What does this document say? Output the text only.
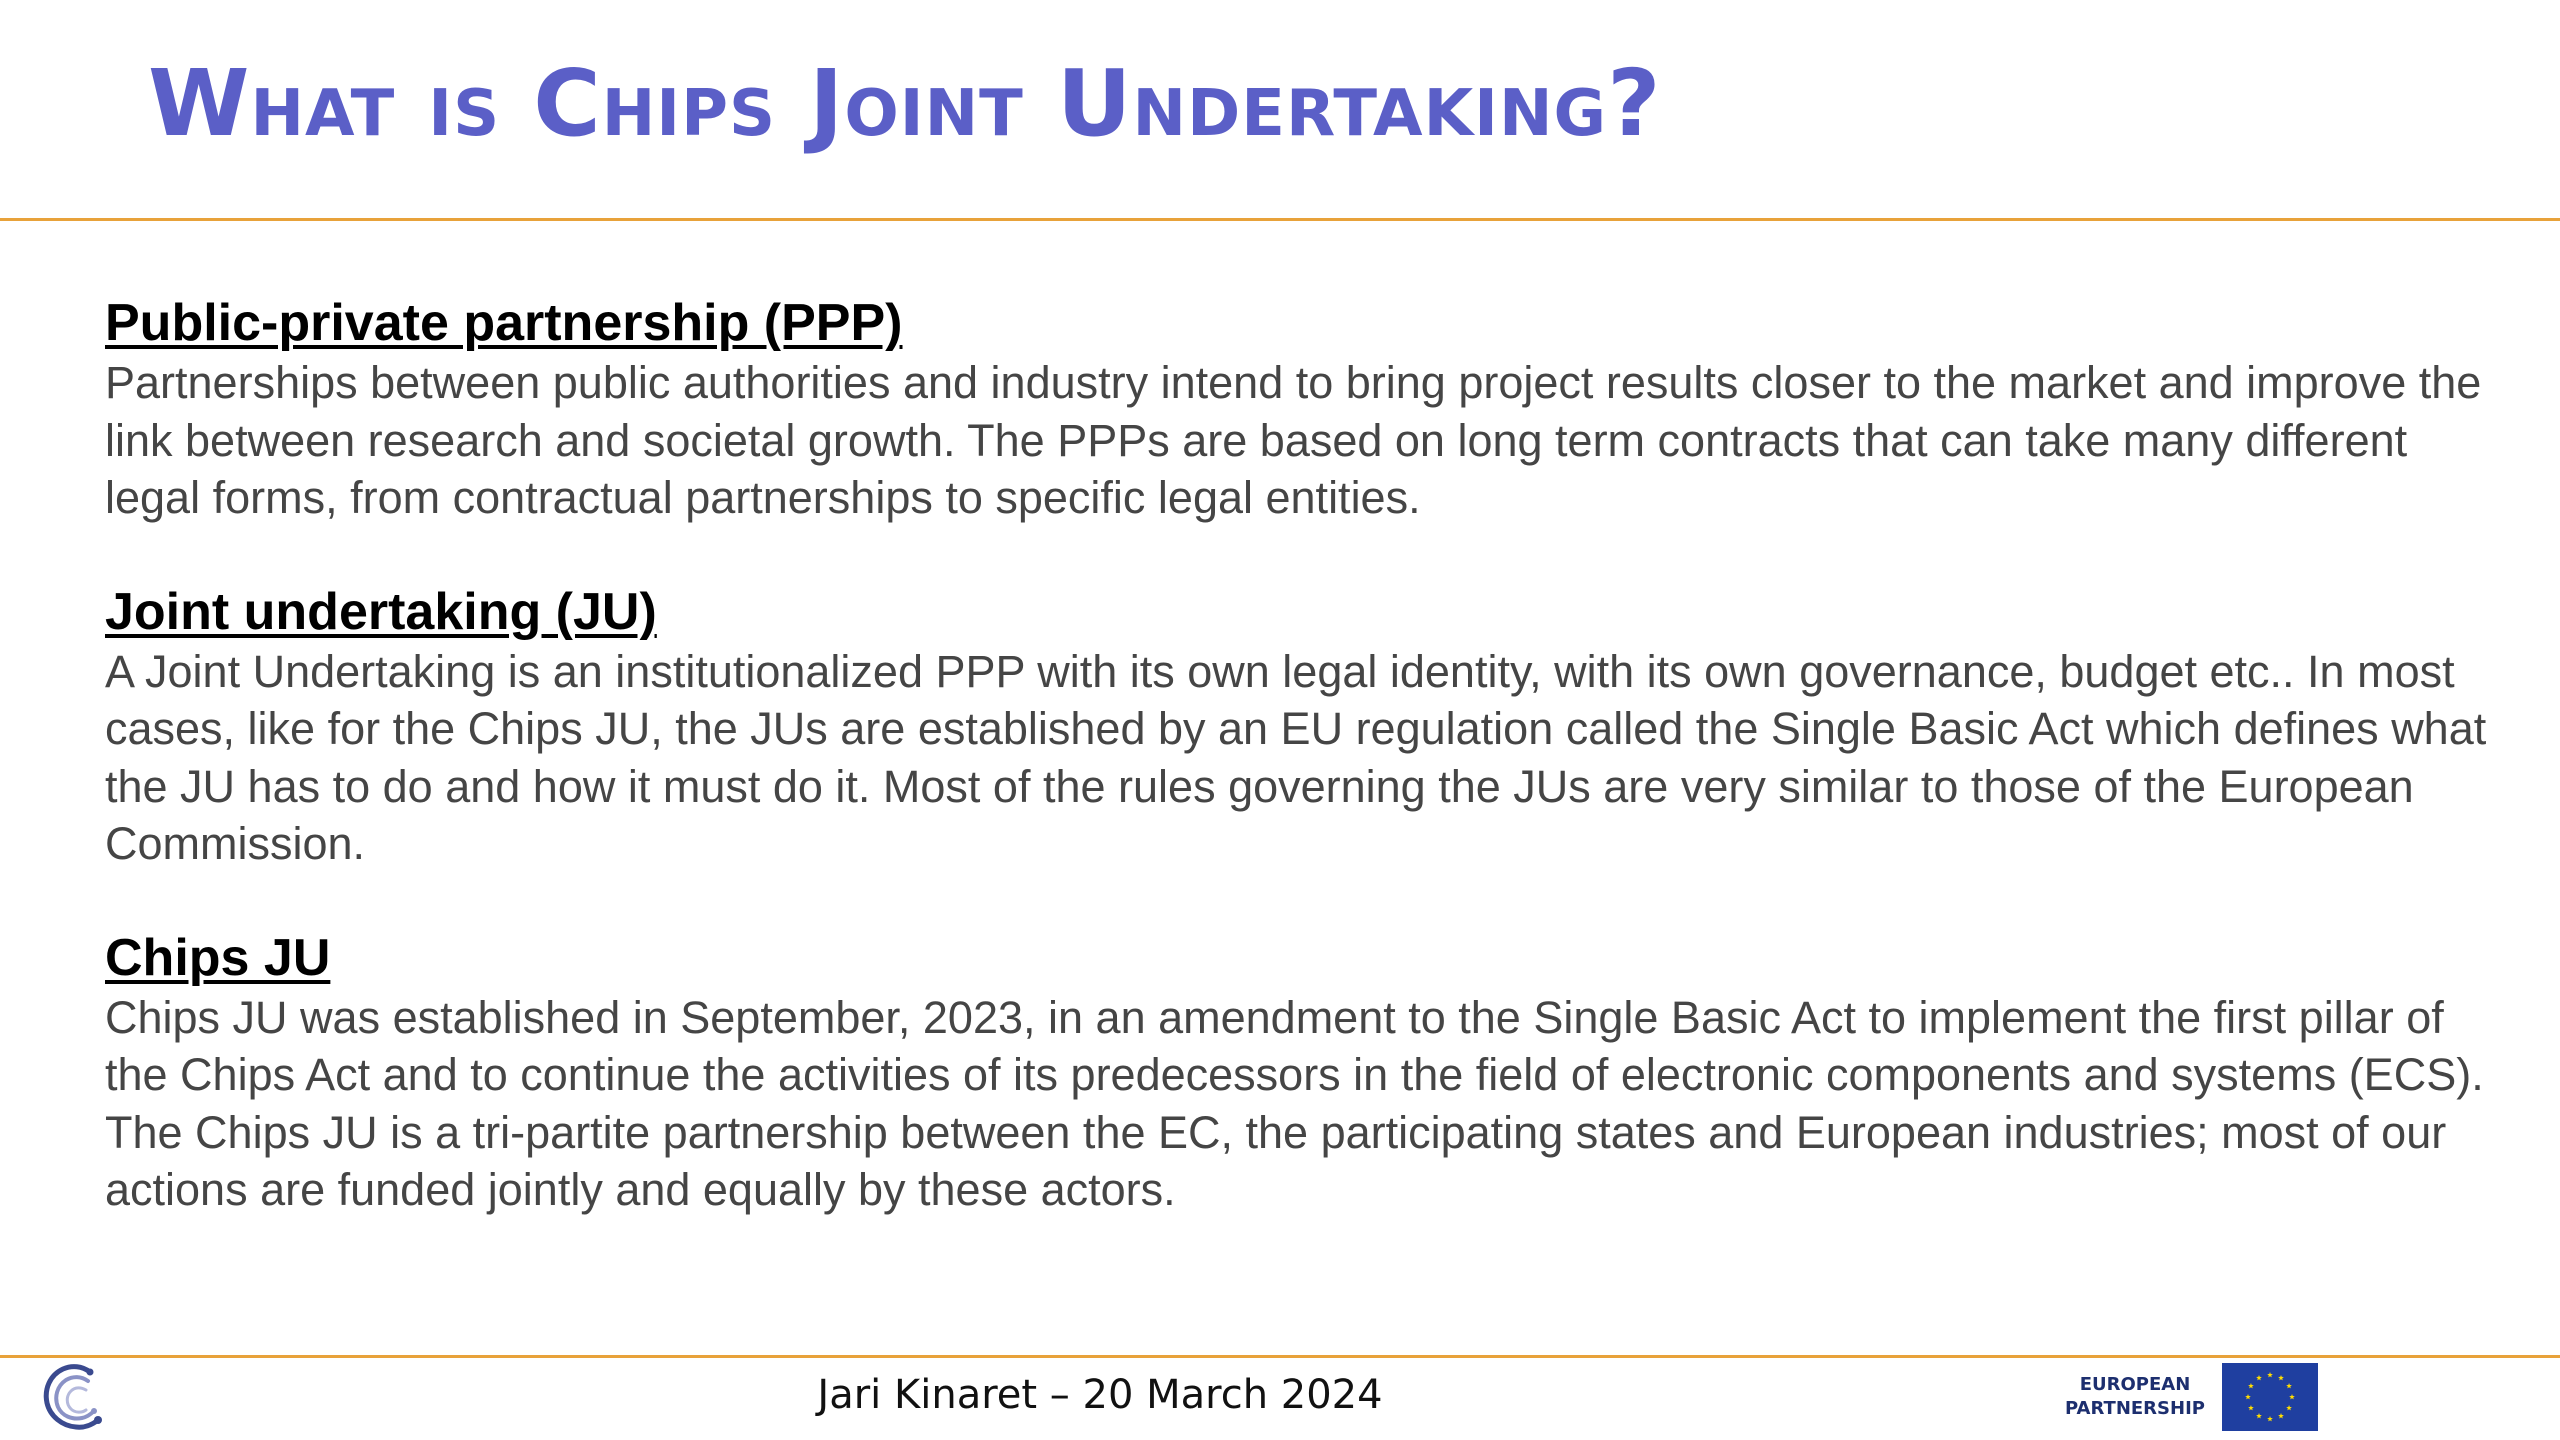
What is Chips Joint Undertaking?
Public-private partnership (PPP)

Partnerships between public authorities and industry intend to bring project results closer to the market and improve the link between research and societal growth. The PPPs are based on long term contracts that can take many different legal forms, from contractual partnerships to specific legal entities.

Joint undertaking (JU)

A Joint Undertaking is an institutionalized PPP with its own legal identity, with its own governance, budget etc.. In most cases, like for the Chips JU, the JUs are established by an EU regulation called the Single Basic Act which defines what the JU has to do and how it must do it. Most of the rules governing the JUs are very similar to those of the European Commission.

Chips JU

Chips JU was established in September, 2023, in an amendment to the Single Basic Act to implement the first pillar of the Chips Act and to continue the activities of its predecessors in the field of electronic components and systems (ECS). The Chips JU is a tri-partite partnership between the EC, the participating states and European industries; most of our actions are funded jointly and equally by these actors.

Jari Kinaret – 20 March 2024	EUROPEAN
PARTNERSHIP
